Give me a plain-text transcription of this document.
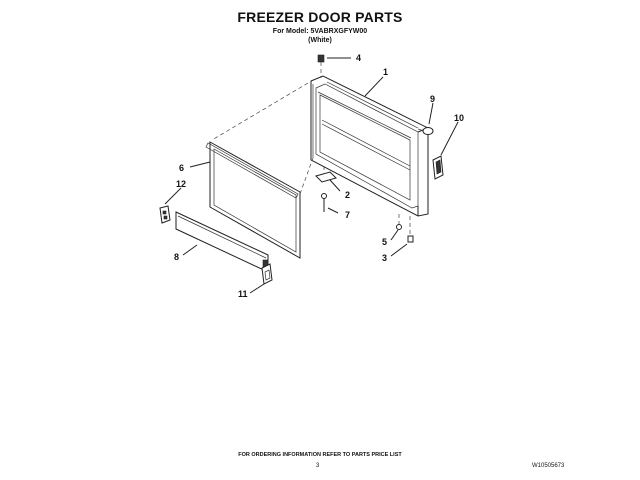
FREEZER DOOR PARTS
For Model: 5VABRXGFYW00
(White)
1
2
3
4
5
6
7
8
9
10
11
12
FOR ORDERING INFORMATION REFER TO PARTS PRICE LIST
3	W10505673
